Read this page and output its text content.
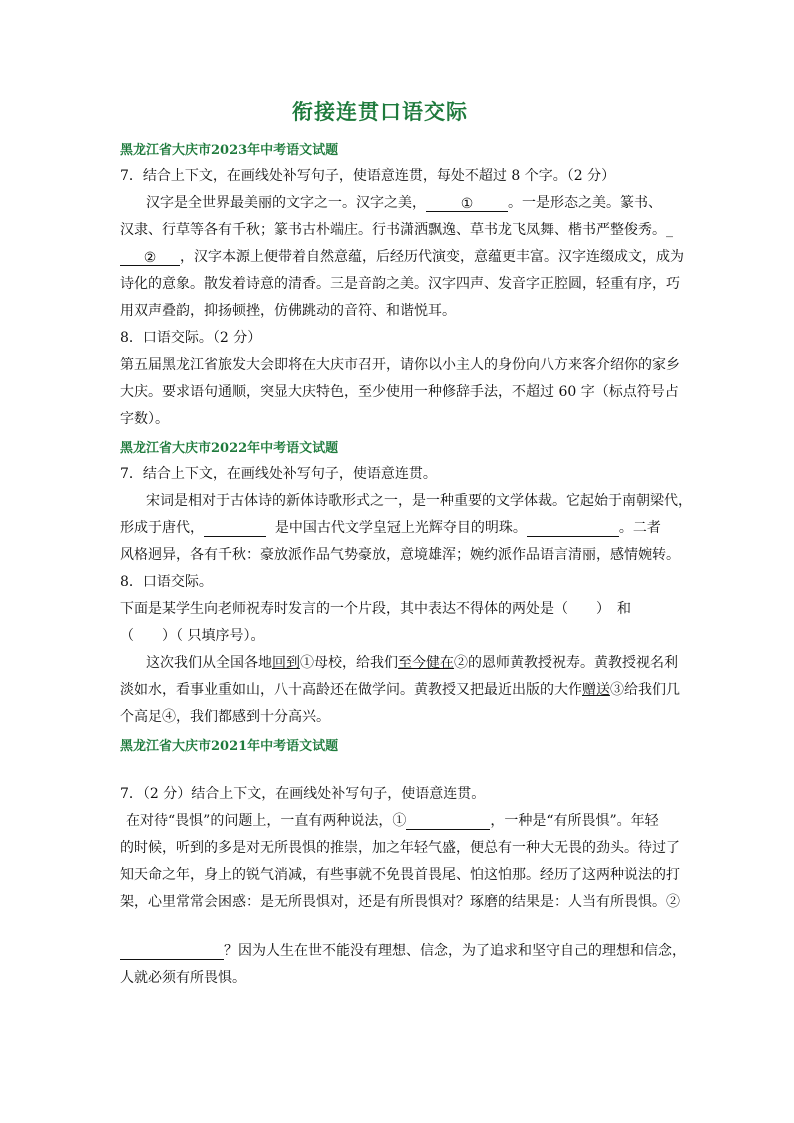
衔接连贯口语交际
黑龙江省大庆市2023年中考语文试题
7．结合上下文，在画线处补写句子，使语意连贯，每处不超过 8 个字。（2 分）
汉字是全世界最美丽的文字之一。汉字之美， ① 。一是形态之美。篆书、
汉隶、行草等各有千秋；篆书古朴端庄。行书潇洒飘逸、草书龙飞凤舞、楷书严整俊秀。_
② ，汉字本源上便带着自然意蕴，后经历代演变，意蕴更丰富。汉字连缀成文，成为
诗化的意象。散发着诗意的清香。三是音韵之美。汉字四声、发音字正腔圆，轻重有序，巧
用双声叠韵，抑扬顿挫，仿佛跳动的音符、和谐悦耳。
8．口语交际。（2 分）
第五届黑龙江省旅发大会即将在大庆市召开，请你以小主人的身份向八方来客介绍你的家乡
大庆。要求语句通顺，突显大庆特色，至少使用一种修辞手法，不超过 60 字（标点符号占
字数）。
黑龙江省大庆市2022年中考语文试题
7．结合上下文，在画线处补写句子，使语意连贯。
宋词是相对于古体诗的新体诗歌形式之一，是一种重要的文学体裁。它起始于南朝梁代，
形成于唐代，	是中国古代文学皇冠上光辉夺目的明珠。	。二者
风格迥异，各有千秋：豪放派作品气势豪放，意境雄浑；婉约派作品语言清丽，感情婉转。
8．口语交际。
下面是某学生向老师祝寿时发言的一个片段，其中表达不得体的两处是（　　）　和
（　　）（ 只填序号）。
这次我们从全国各地回到①母校，给我们至今健在②的恩师黄教授祝寿。黄教授视名利
淡如水，看事业重如山，八十高龄还在做学问。黄教授又把最近出版的大作赠送③给我们几
个高足④，我们都感到十分高兴。
黑龙江省大庆市2021年中考语文试题
7．（2 分）结合上下文，在画线处补写句子，使语意连贯。
在对待“畏惧”的问题上，一直有两种说法，①	，一种是“有所畏惧”。年轻
的时候，听到的多是对无所畏惧的推崇，加之年轻气盛，便总有一种大无畏的劲头。待过了
知天命之年，身上的锐气消减，有些事就不免畏首畏尾、怕这怕那。经历了这两种说法的打
架，心里常常会困惑：是无所畏惧对，还是有所畏惧对？琢磨的结果是：人当有所畏惧。②
？因为人生在世不能没有理想、信念，为了追求和坚守自己的理想和信念，
人就必须有所畏惧。
